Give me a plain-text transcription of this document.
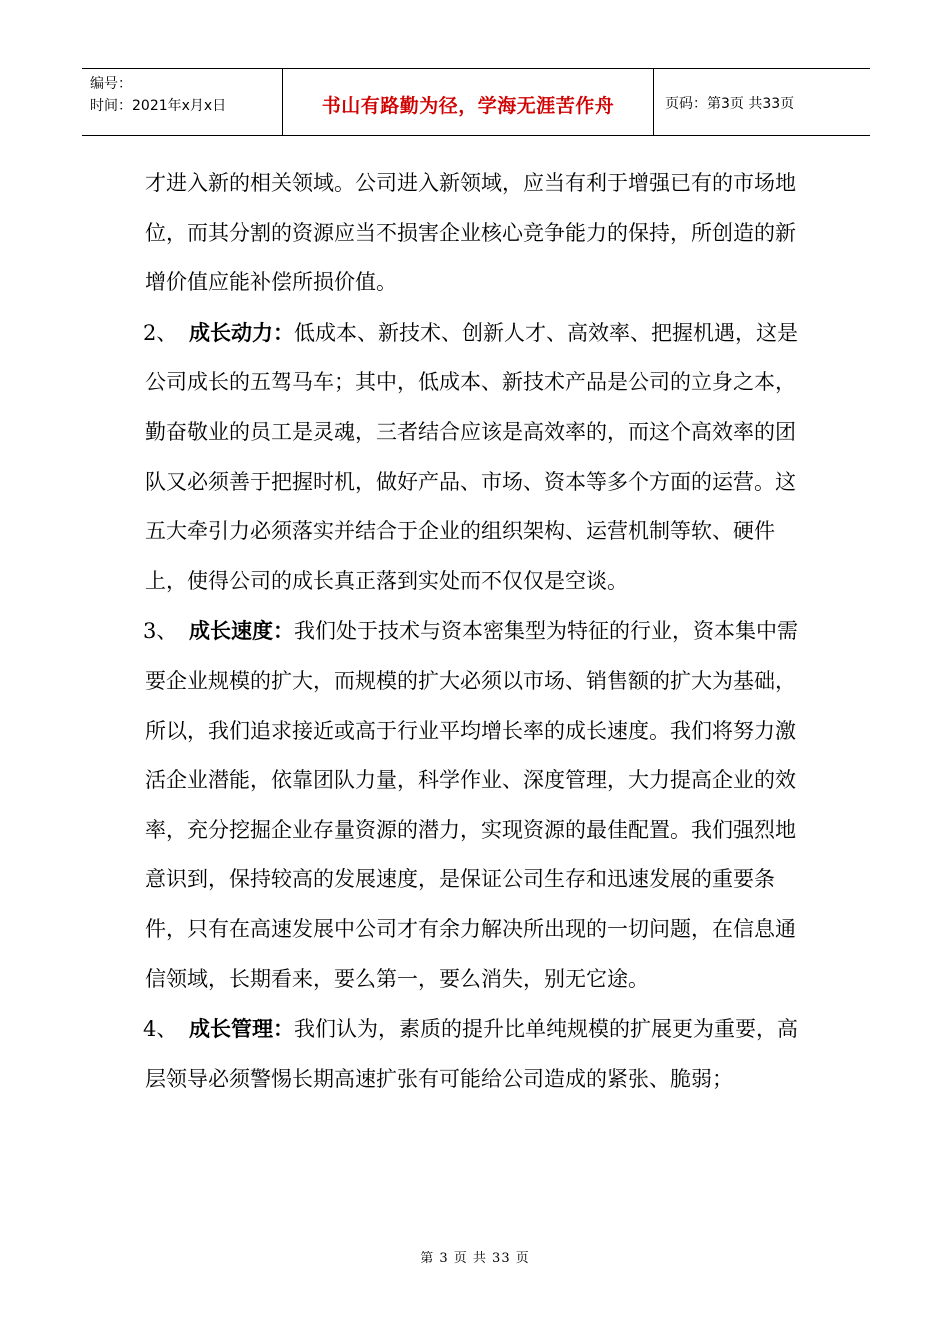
编号：
时间：2021年x月x日	书山有路勤为径，学海无涯苦作舟	页码：第3页 共33页

才进入新的相关领域。公司进入新领域，应当有利于增强已有的市场地位，而其分割的资源应当不损害企业核心竞争能力的保持，所创造的新增价值应能补偿所损价值。

2、 成长动力：低成本、新技术、创新人才、高效率、把握机遇，这是公司成长的五驾马车；其中，低成本、新技术产品是公司的立身之本，勤奋敬业的员工是灵魂，三者结合应该是高效率的，而这个高效率的团队又必须善于把握时机，做好产品、市场、资本等多个方面的运营。这五大牵引力必须落实并结合于企业的组织架构、运营机制等软、硬件上，使得公司的成长真正落到实处而不仅仅是空谈。

3、 成长速度：我们处于技术与资本密集型为特征的行业，资本集中需要企业规模的扩大，而规模的扩大必须以市场、销售额的扩大为基础，所以，我们追求接近或高于行业平均增长率的成长速度。我们将努力激活企业潜能，依靠团队力量，科学作业、深度管理，大力提高企业的效率，充分挖掘企业存量资源的潜力，实现资源的最佳配置。我们强烈地意识到，保持较高的发展速度，是保证公司生存和迅速发展的重要条件，只有在高速发展中公司才有余力解决所出现的一切问题，在信息通信领域，长期看来，要么第一，要么消失，别无它途。

4、 成长管理：我们认为，素质的提升比单纯规模的扩展更为重要，高层领导必须警惕长期高速扩张有可能给公司造成的紧张、脆弱；

第 3 页 共 33 页
